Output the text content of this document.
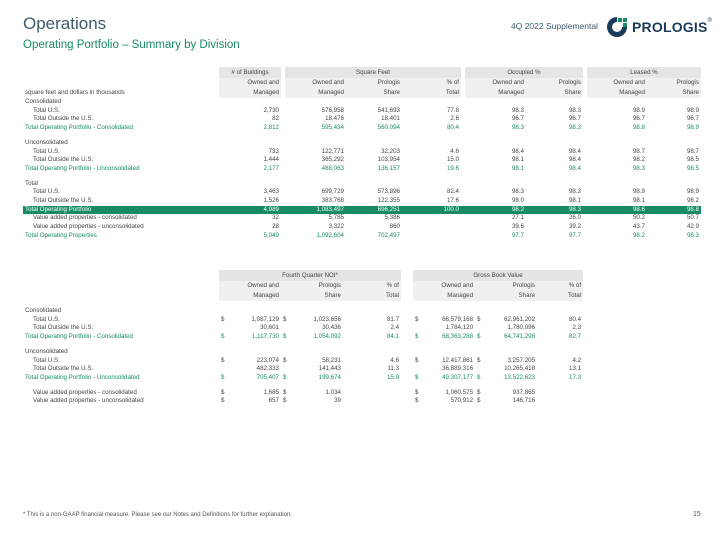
Operations
Operating Portfolio – Summary by Division
4Q 2022 Supplemental PROLOGIS ®
	# of Buildings		Square Feet				Occupied %			Leased %	
	Owned and		Owned and	Prologis	% of		Owned and	Prologis		Owned and	Prologis
square feet and dollars in thousands	Managed		Managed	Share	Total		Managed	Share		Managed	Share
Consolidated											
Total U.S.	2,730		576,958	541,693	77.8		98.3	98.3		98.9	98.9
Total Outside the U.S.	82		18,476	18,401	2.6		96.7	96.7		96.7	96.7
Total Operating Portfolio - Consolidated	2,812		595,434	560,094	80.4		98.3	98.3		98.8	98.9

Unconsolidated											
Total U.S.	733		122,771	32,203	4.6		98.4	98.4		98.7	98.7
Total Outside the U.S.	1,444		365,292	103,954	15.0		98.1	98.4		98.2	98.5
Total Operating Portfolio - Unconsolidated	2,177		488,063	136,157	19.6		98.1	98.4		98.3	98.5

Total											
Total U.S.	3,463		699,729	573,896	82.4		98.3	98.3		98.9	98.9
Total Outside the U.S.	1,526		383,768	122,355	17.6		98.0	98.1		98.1	98.2
Total Operating Portfolio	4,989		1,083,497	696,251	100.0		98.2	98.3		98.6	98.8
Value added properties - consolidated	32		5,785	5,386			27.1	26.0		50.2	50.7
Value added properties - unconsolidated	28		3,322	860			39.6	39.2		43.7	42.9
Total Operating Properties	5,049		1,092,604	702,497			97.7	97.7		98.2	98.3
	Fourth Quarter NOI*						Gross Book Value				
	Owned and		Prologis		% of		Owned and		Prologis		% of
	Managed		Share		Total		Managed		Share		Total

Consolidated											
Total U.S.	$	1,087,129	$	1,023,656	81.7		$	66,579,168	$	62,961,202	80.4
Total Outside the U.S.		30,601		30,436	2.4			1,784,120		1,780,096	2.3
Total Operating Portfolio - Consolidated	$	1,117,730	$	1,054,092	84.1		$	68,363,288	$	64,741,298	82.7

Unconsolidated											
Total U.S.	$	223,074	$	58,231	4.6		$	12,417,861	$	3,257,205	4.2
Total Outside the U.S.		482,333		141,443	11.3			36,889,316		10,265,418	13.1
Total Operating Portfolio - Unconsolidated	$	705,407	$	199,674	15.9		$	49,307,177	$	13,522,623	17.3

Value added properties - consolidated	$	1,685	$	1,034			$	1,060,575	$	937,865	
Value added properties - unconsolidated	$	657	$	39			$	570,912	$	146,716	
* This is a non-GAAP financial measure. Please see our Notes and Definitions for further explanation.	15
